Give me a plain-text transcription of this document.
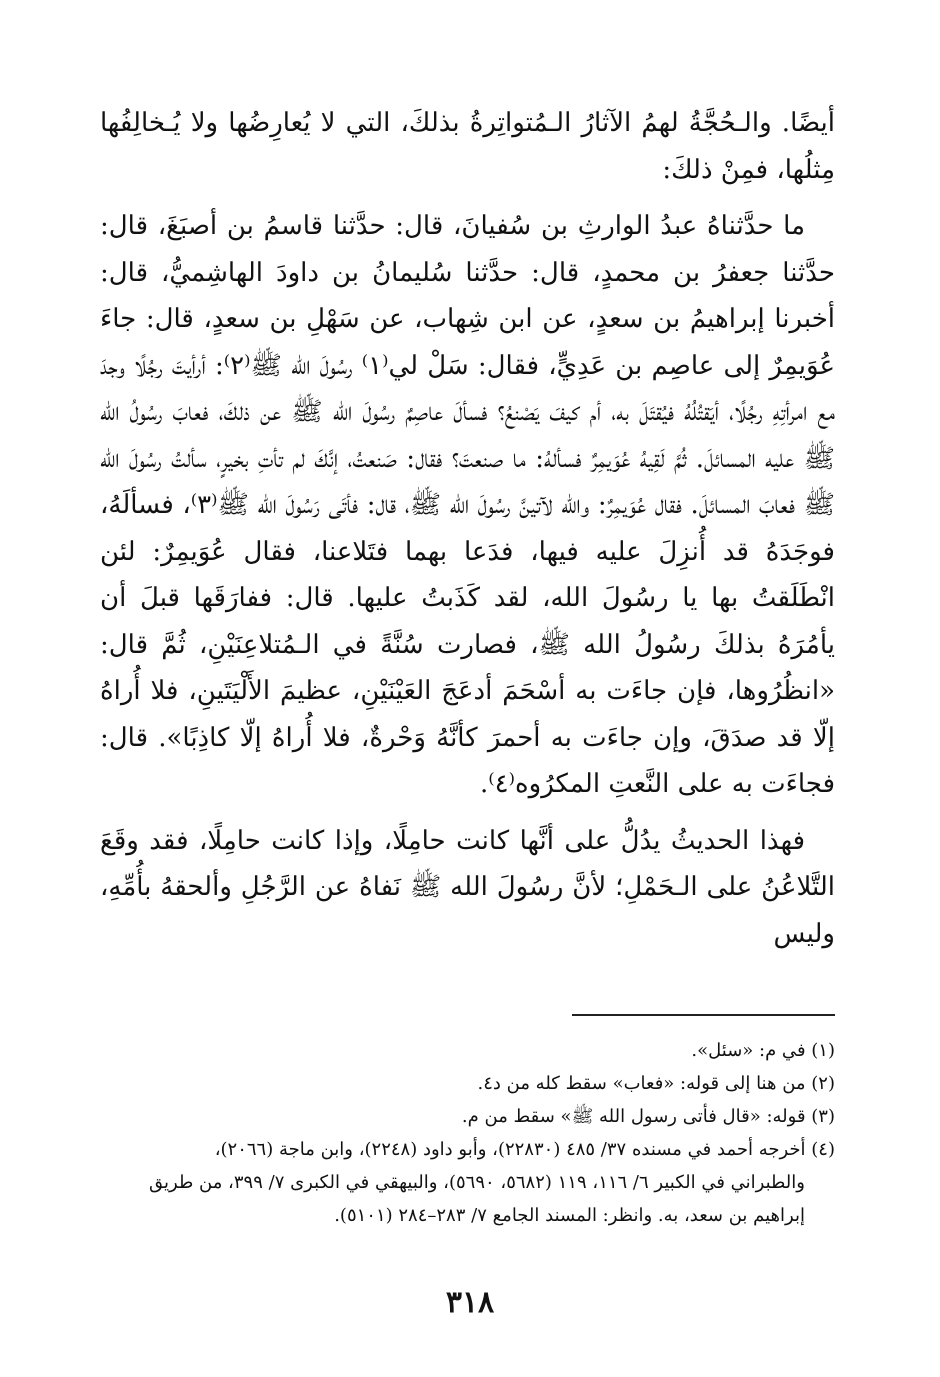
أيضًا. والـحُجَّةُ لهمُ الآثارُ الـمُتواتِرةُ بذلكَ، التي لا يُعارِضُها ولا يُـخالِفُها مِثلُها، فمِنْ ذلكَ:

ما حدَّثناهُ عبدُ الوارثِ بن سُفيانَ، قال: حدَّثنا قاسمُ بن أصبَغَ، قال: حدَّثنا جعفرُ بن محمدٍ، قال: حدَّثنا سُليمانُ بن داودَ الهاشِميُّ، قال: أخبرنا إبراهيمُ بن سعدٍ، عن ابن شِهاب، عن سَهْلِ بن سعدٍ، قال: جاءَ عُوَيمِرٌ إلى عاصِم بن عَدِيٍّ، فقال: سَلْ لي⁽١⁾ رسُولَ الله ﷺ⁽٢⁾: أرأيتَ رجُلًا وجدَ مع امرأتِهِ رجُلًا، أيَقتُلُهُ فيُقتَلَ به، أم كيفَ يَصْنعُ؟ فسألَ عاصِمٌ رسُولَ الله ﷺ عن ذلكَ، فعابَ رسُولُ الله ﷺ عليه المسائلَ. ثُمَّ لَقِيهُ عُوَيمِرٌ فسألهُ: ما صنعتَ؟ فقال: صَنعتُ، إنَّكَ لم تأتِ بخيرٍ، سألتُ رسُولَ الله ﷺ فعابَ المسائلَ. فقال عُوَيمِرٌ: والله لآتينَّ رسُولَ الله ﷺ، قال: فأتَى رَسُولَ الله ﷺ⁽٣⁾، فسألَهُ، فوجَدَهُ قد أُنزِلَ عليه فيها، فدَعا بهما فتَلاعنا، فقال عُوَيمِرٌ: لئن انْطَلَقتُ بها يا رسُولَ الله، لقد كَذَبتُ عليها. قال: ففارَقَها قبلَ أن يأمُرَهُ بذلكَ رسُولُ الله ﷺ، فصارت سُنَّةً في الـمُتلاعِنَيْنِ، ثُمَّ قال: «انظُرُوها، فإن جاءَت به أسْحَمَ أدعَجَ العَيْنَيْنِ، عظيمَ الأَلْيَتَينِ، فلا أُراهُ إلّا قد صدَقَ، وإن جاءَت به أحمرَ كأنَّهُ وَحْرةٌ، فلا أُراهُ إلّا كاذِبًا». قال: فجاءَت به على النَّعتِ المكرُوه⁽٤⁾.

فهذا الحديثُ يدُلُّ على أنَّها كانت حامِلًا، وإذا كانت حامِلًا، فقد وقَعَ التَّلاعُنُ على الـحَمْلِ؛ لأنَّ رسُولَ الله ﷺ نَفاهُ عن الرَّجُلِ وألحقهُ بأُمِّهِ، وليس

(١) في م: «سئل».

(٢) من هنا إلى قوله: «فعاب» سقط كله من د٤.

(٣) قوله: «قال فأتى رسول الله ﷺ» سقط من م.

(٤) أخرجه أحمد في مسنده ٣٧/ ٤٨٥ (٢٢٨٣٠)، وأبو داود (٢٢٤٨)، وابن ماجة (٢٠٦٦)،

والطبراني في الكبير ٦/ ١١٦، ١١٩ (٥٦٨٢، ٥٦٩٠)، والبيهقي في الكبرى ٧/ ٣٩٩، من طريق إبراهيم بن سعد، به. وانظر: المسند الجامع ٧/ ٢٨٣–٢٨٤ (٥١٠١).

٣١٨
